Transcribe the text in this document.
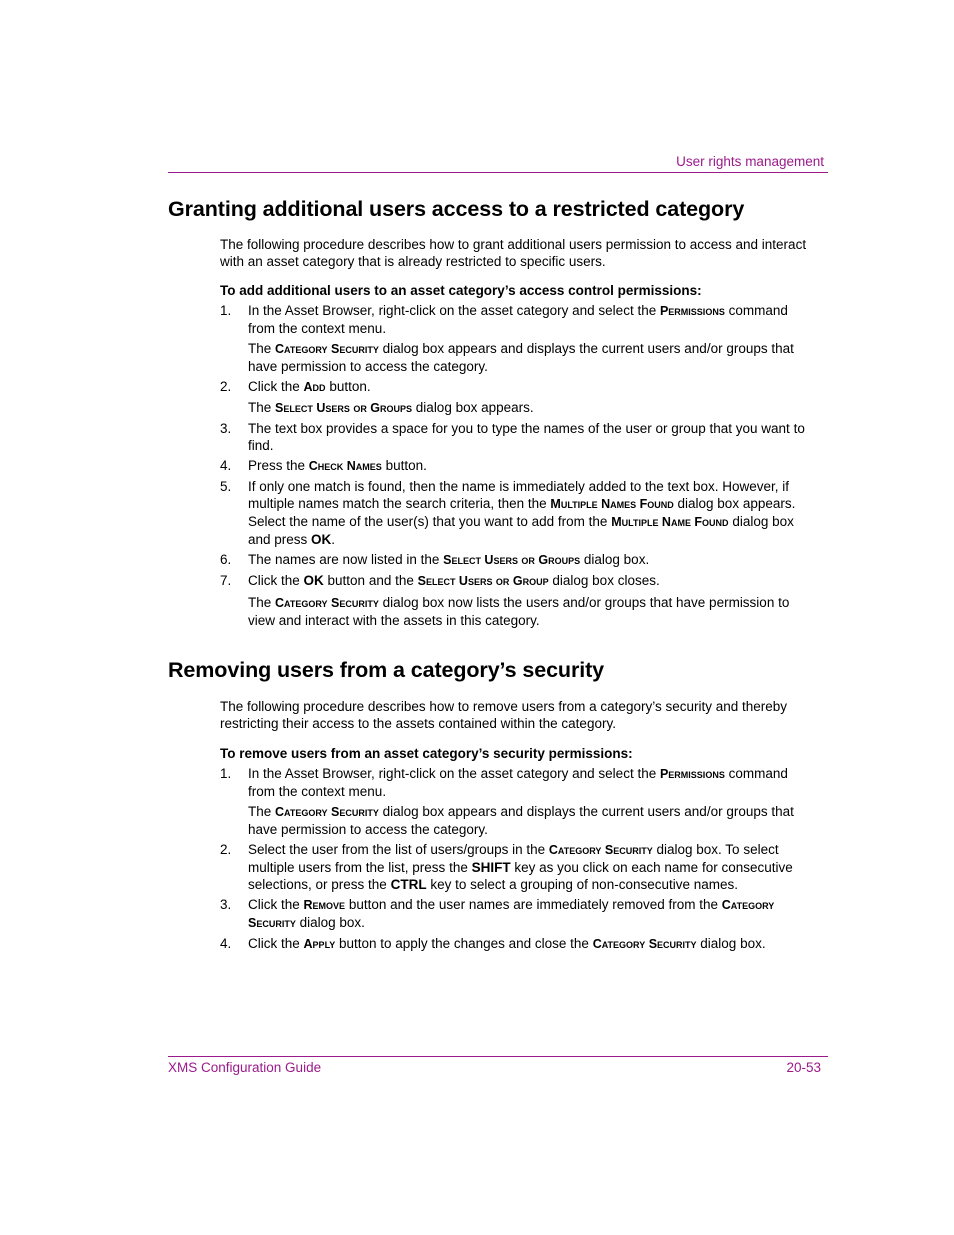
User rights management
Granting additional users access to a restricted category

The following procedure describes how to grant additional users permission to access and interact with an asset category that is already restricted to specific users.

To add additional users to an asset category’s access control permissions:

1. In the Asset Browser, right-click on the asset category and select the Permissions command from the context menu.

The Category Security dialog box appears and displays the current users and/or groups that have permission to access the category.

2. Click the Add button.

The Select Users or Groups dialog box appears.

3. The text box provides a space for you to type the names of the user or group that you want to find.
4. Press the Check Names button.
5. If only one match is found, then the name is immediately added to the text box. However, if multiple names match the search criteria, then the Multiple Names Found dialog box appears. Select the name of the user(s) that you want to add from the Multiple Name Found dialog box and press OK.
6. The names are now listed in the Select Users or Groups dialog box.
7. Click the OK button and the Select Users or Group dialog box closes.

The Category Security dialog box now lists the users and/or groups that have permission to view and interact with the assets in this category.

Removing users from a category’s security

The following procedure describes how to remove users from a category’s security and thereby restricting their access to the assets contained within the category.

To remove users from an asset category’s security permissions:

1. In the Asset Browser, right-click on the asset category and select the Permissions command from the context menu.

The Category Security dialog box appears and displays the current users and/or groups that have permission to access the category.

2. Select the user from the list of users/groups in the Category Security dialog box. To select multiple users from the list, press the SHIFT key as you click on each name for consecutive selections, or press the CTRL key to select a grouping of non-consecutive names.
3. Click the Remove button and the user names are immediately removed from the Category Security dialog box.
4. Click the Apply button to apply the changes and close the Category Security dialog box.
XMS Configuration Guide	20-53
